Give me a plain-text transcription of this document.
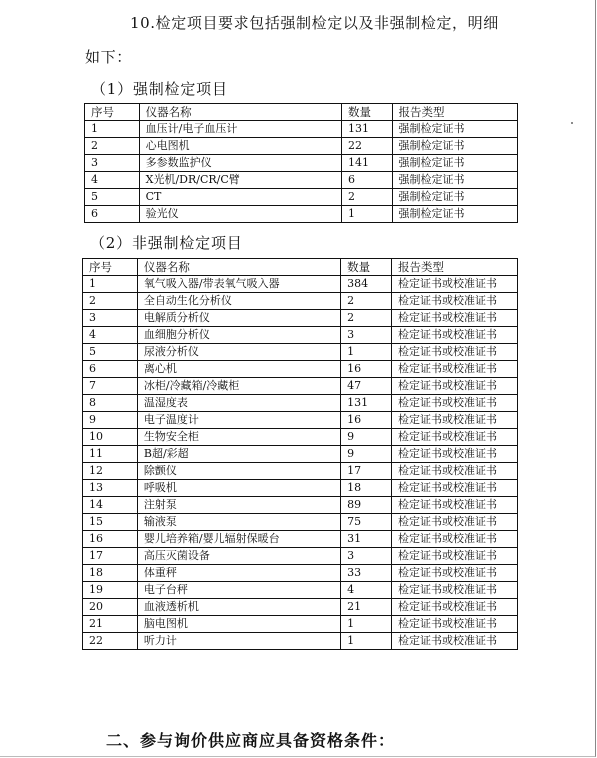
10.检定项目要求包括强制检定以及非强制检定，明细
如下：
（1）强制检定项目
序号	仪器名称	数量	报告类型
1	血压计/电子血压计	131	强制检定证书
2	心电图机	22	强制检定证书
3	多参数监护仪	141	强制检定证书
4	X光机/DR/CR/C臂	6	强制检定证书
5	CT	2	强制检定证书
6	验光仪	1	强制检定证书
（2）非强制检定项目
序号	仪器名称	数量	报告类型
1	氧气吸入器/带表氧气吸入器	384	检定证书或校准证书
2	全自动生化分析仪	2	检定证书或校准证书
3	电解质分析仪	2	检定证书或校准证书
4	血细胞分析仪	3	检定证书或校准证书
5	尿液分析仪	1	检定证书或校准证书
6	离心机	16	检定证书或校准证书
7	冰柜/冷藏箱/冷藏柜	47	检定证书或校准证书
8	温湿度表	131	检定证书或校准证书
9	电子温度计	16	检定证书或校准证书
10	生物安全柜	9	检定证书或校准证书
11	B超/彩超	9	检定证书或校准证书
12	除颤仪	17	检定证书或校准证书
13	呼吸机	18	检定证书或校准证书
14	注射泵	89	检定证书或校准证书
15	输液泵	75	检定证书或校准证书
16	婴儿培养箱/婴儿辐射保暖台	31	检定证书或校准证书
17	高压灭菌设备	3	检定证书或校准证书
18	体重秤	33	检定证书或校准证书
19	电子台秤	4	检定证书或校准证书
20	血液透析机	21	检定证书或校准证书
21	脑电图机	1	检定证书或校准证书
22	听力计	1	检定证书或校准证书
二、参与询价供应商应具备资格条件：
